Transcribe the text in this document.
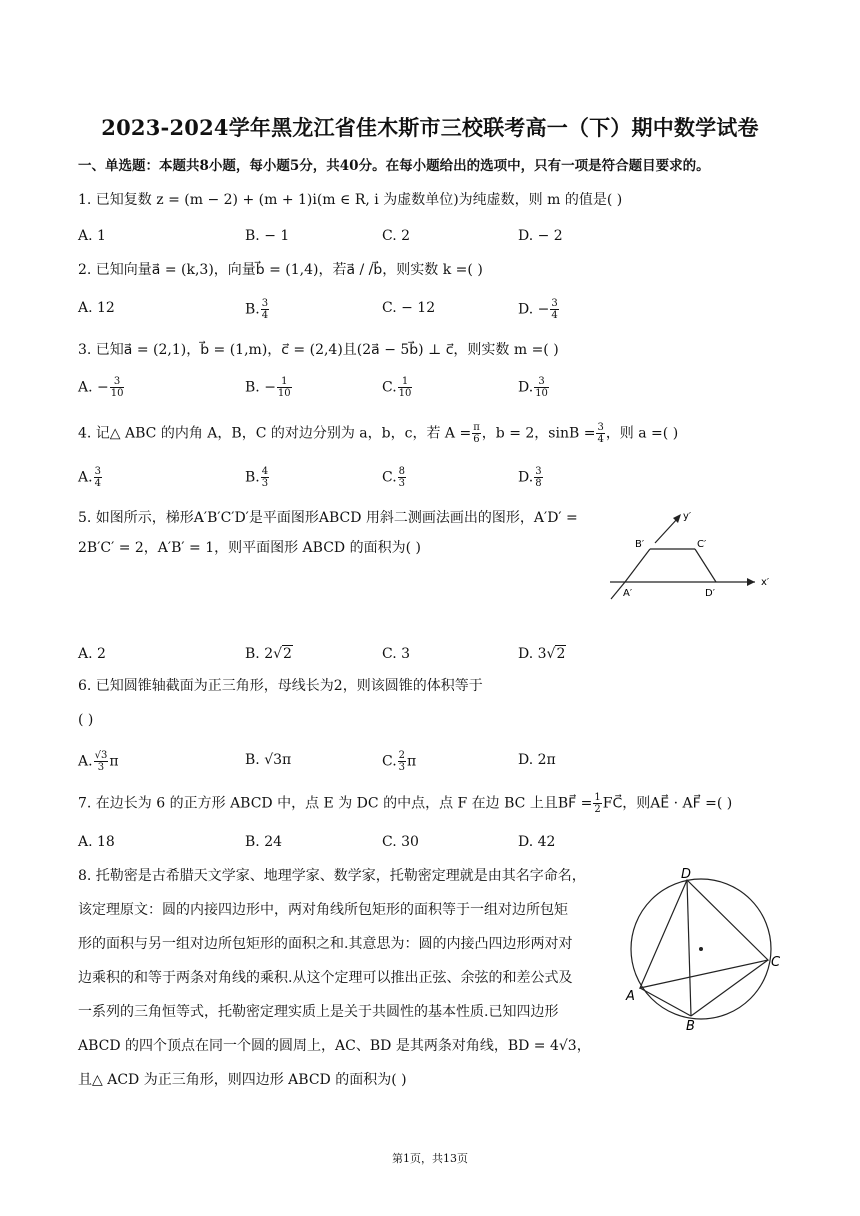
2023-2024学年黑龙江省佳木斯市三校联考高一（下）期中数学试卷
一、单选题：本题共8小题，每小题5分，共40分。在每小题给出的选项中，只有一项是符合题目要求的。
1. 已知复数 z = (m − 2) + (m + 1)i(m ∈ R, i 为虚数单位)为纯虚数，则 m 的值是( )
A. 1	B. − 1	C. 2	D. − 2
2. 已知向量a⃗ = (k,3)，向量b⃗ = (1,4)，若a⃗ / /b⃗，则实数 k =( )
A. 12	B. $\frac{3}{4}$	C. − 12	D. − $\frac{3}{4}$
3. 已知a⃗ = (2,1)，b⃗ = (1,m)，c⃗ = (2,4)且(2a⃗ − 5b⃗) ⊥ c⃗，则实数 m =( )
A. − $\frac{3}{10}$	B. − $\frac{1}{10}$	C. $\frac{1}{10}$	D. $\frac{3}{10}$
4. 记△ ABC 的内角 A，B，C 的对边分别为 a，b，c，若 $A = \frac{\pi}{6}$ ，b = 2，$\sin B = \frac{3}{4}$ ，则 a =( )
A. $\frac{3}{4}$	B. $\frac{4}{3}$	C. $\frac{8}{3}$	D. $\frac{3}{8}$
5. 如图所示，梯形A′B′C′D′是平面图形ABCD 用斜二测画法画出的图形，A′D′ =
2B′C′ = 2，A′B′ = 1，则平面图形 ABCD 的面积为( )	B′	C′
A′	D′
x′
y′
A. 2	B. 2√2	C. 3	D. 3√2
6. 已知圆锥轴截面为正三角形，母线长为2，则该圆锥的体积等于
( )
A. $\frac{√3}{3}$ π	B. √3π	C. $\frac{2}{3}$ π	D. 2π
7. 在边长为 6 的正方形 ABCD 中，点 E 为 DC 的中点，点 F 在边 BC 上且BF⃗ = $\frac{1}{2}$ FC⃗，则AE⃗ · AF⃗ =( )
A. 18	B. 24	C. 30	D. 42
8. 托勒密是古希腊天文学家、地理学家、数学家，托勒密定理就是由其名字命名，
该定理原文：圆的内接四边形中，两对角线所包矩形的面积等于一组对边所包矩
形的面积与另一组对边所包矩形的面积之和.其意思为：圆的内接凸四边形两对对
边乘积的和等于两条对角线的乘积.从这个定理可以推出正弦、余弦的和差公式及
一系列的三角恒等式，托勒密定理实质上是关于共圆性的基本性质.已知四边形
ABCD 的四个顶点在同一个圆的圆周上，AC、BD 是其两条对角线，BD = 4√3，
且△ ACD 为正三角形，则四边形 ABCD 的面积为( )
D
C
A
B
第1页，共13页
